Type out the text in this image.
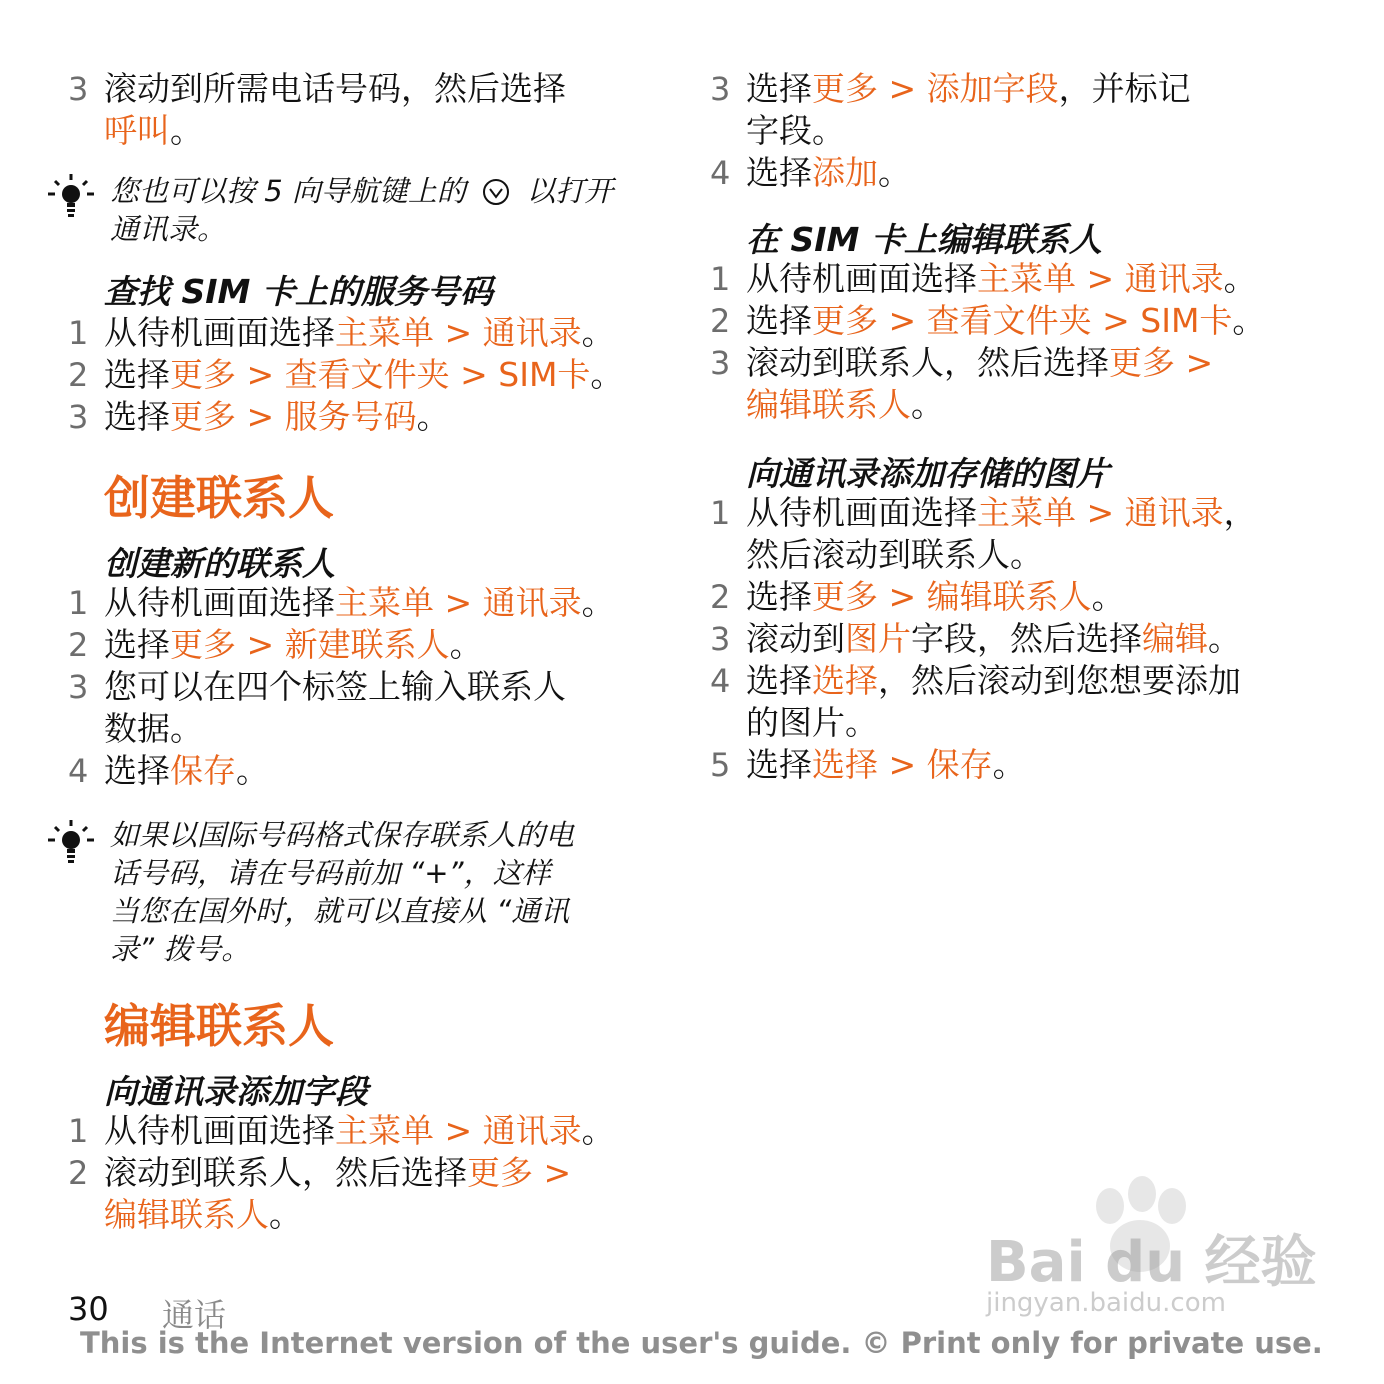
3 滚动到所需电话号码，然后选择
呼叫。
您也可以按 5 向导航键上的 以打开
通讯录。
查找 SIM 卡上的服务号码
1 从待机画面选择主菜单 > 通讯录。
2 选择更多 > 查看文件夹 > SIM卡。
3 选择更多 > 服务号码。
创建联系人
创建新的联系人
1 从待机画面选择主菜单 > 通讯录。
2 选择更多 > 新建联系人。
3 您可以在四个标签上输入联系人
数据。
4 选择保存。
如果以国际号码格式保存联系人的电
话号码，请在号码前加 “+”，这样
当您在国外时，就可以直接从 “通讯
录” 拨号。
编辑联系人
向通讯录添加字段
1 从待机画面选择主菜单 > 通讯录。
2 滚动到联系人，然后选择更多 >
编辑联系人。
3 选择更多 > 添加字段，并标记
字段。
4 选择添加。
在 SIM 卡上编辑联系人
1 从待机画面选择主菜单 > 通讯录。
2 选择更多 > 查看文件夹 > SIM卡。
3 滚动到联系人，然后选择更多 >
编辑联系人。
向通讯录添加存储的图片
1 从待机画面选择主菜单 > 通讯录，
然后滚动到联系人。
2 选择更多 > 编辑联系人。
3 滚动到图片字段，然后选择编辑。
4 选择选择，然后滚动到您想要添加
的图片。
5 选择选择 > 保存。
Bai du 经验
jingyan.baidu.com
30 通话
This is the Internet version of the user's guide. © Print only for private use.
